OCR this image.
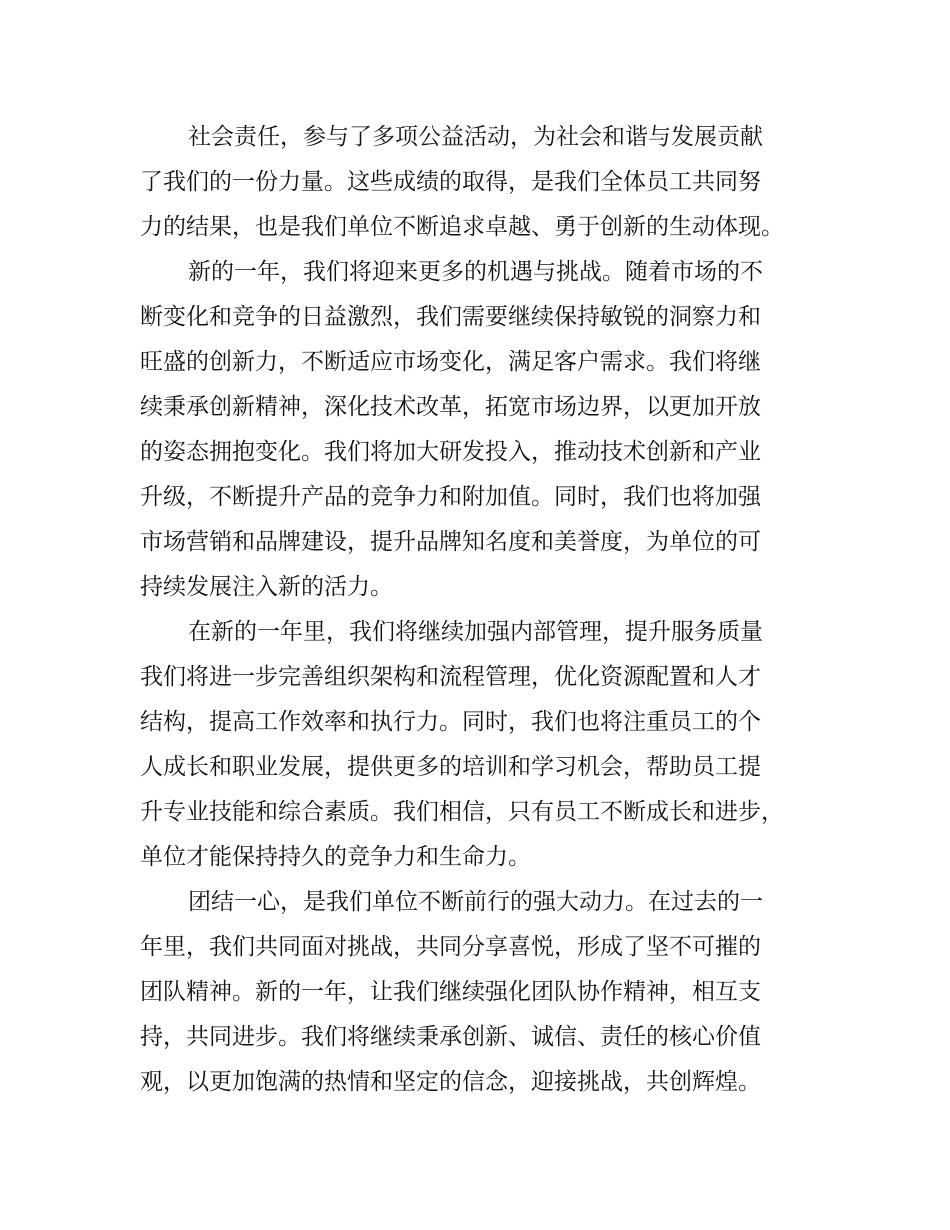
社会责任，参与了多项公益活动，为社会和谐与发展贡献
了我们的一份力量。这些成绩的取得，是我们全体员工共同努
力的结果，也是我们单位不断追求卓越、勇于创新的生动体现。

新的一年，我们将迎来更多的机遇与挑战。随着市场的不
断变化和竞争的日益激烈，我们需要继续保持敏锐的洞察力和
旺盛的创新力，不断适应市场变化，满足客户需求。我们将继
续秉承创新精神，深化技术改革，拓宽市场边界，以更加开放
的姿态拥抱变化。我们将加大研发投入，推动技术创新和产业
升级，不断提升产品的竞争力和附加值。同时，我们也将加强
市场营销和品牌建设，提升品牌知名度和美誉度，为单位的可
持续发展注入新的活力。

在新的一年里，我们将继续加强内部管理，提升服务质量
我们将进一步完善组织架构和流程管理，优化资源配置和人才
结构，提高工作效率和执行力。同时，我们也将注重员工的个
人成长和职业发展，提供更多的培训和学习机会，帮助员工提
升专业技能和综合素质。我们相信，只有员工不断成长和进步，
单位才能保持持久的竞争力和生命力。

团结一心，是我们单位不断前行的强大动力。在过去的一
年里，我们共同面对挑战，共同分享喜悦，形成了坚不可摧的
团队精神。新的一年，让我们继续强化团队协作精神，相互支
持，共同进步。我们将继续秉承创新、诚信、责任的核心价值
观，以更加饱满的热情和坚定的信念，迎接挑战，共创辉煌。
